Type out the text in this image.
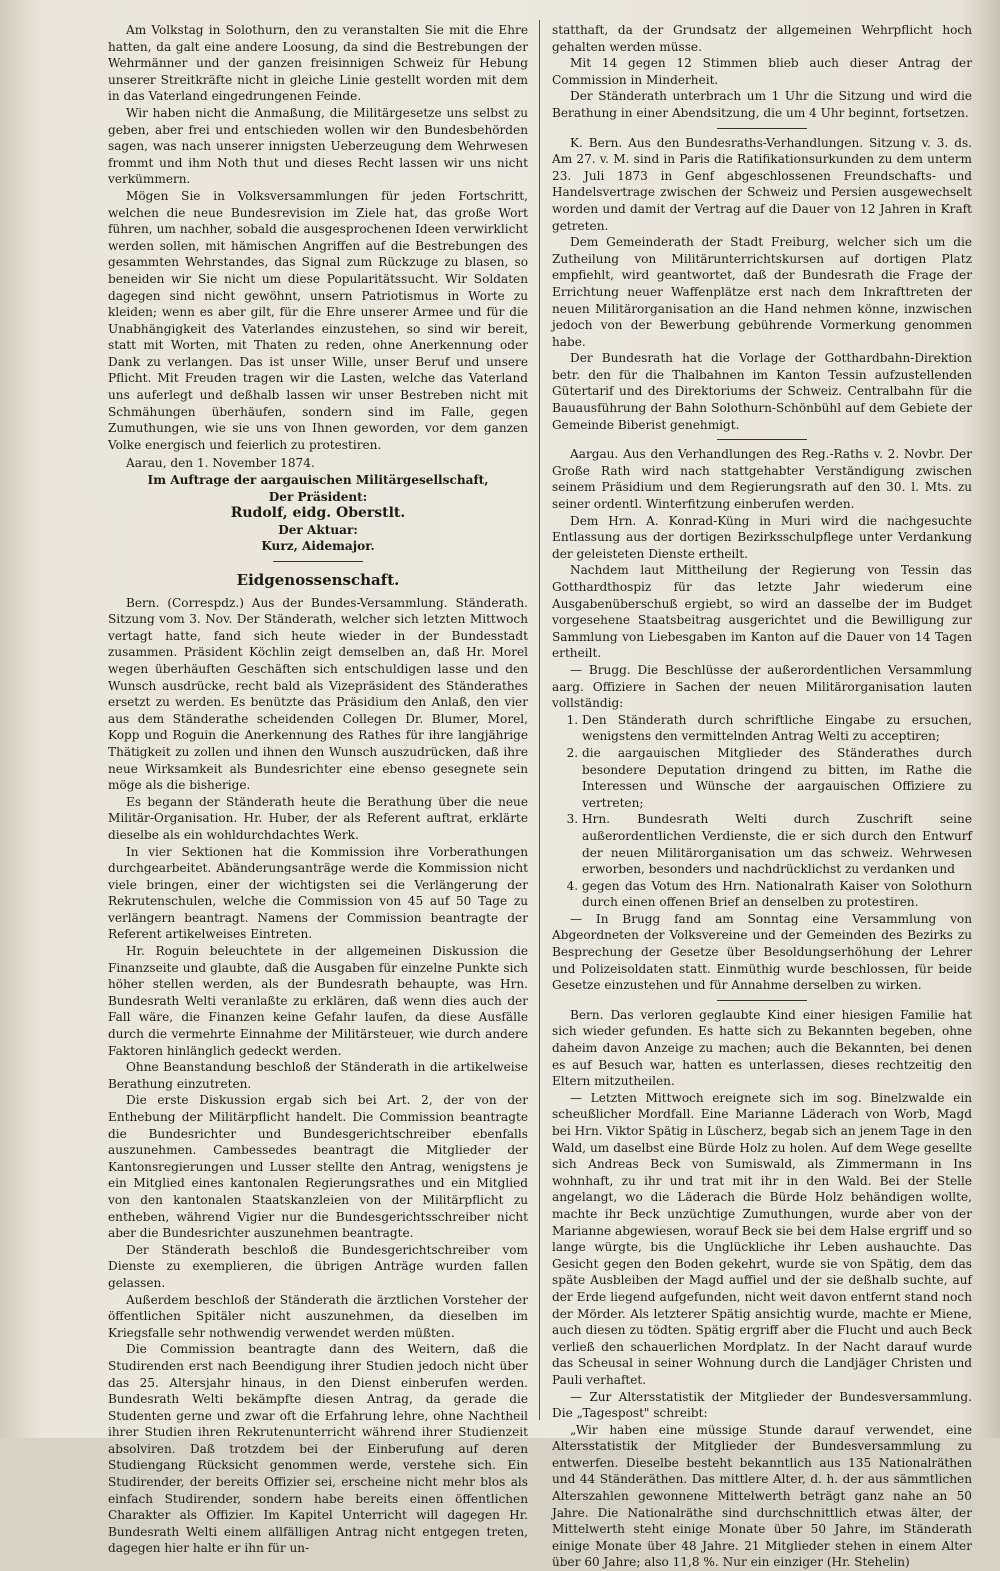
Am Volkstag in Solothurn, den zu veranstalten Sie mit die Ehre hatten, da galt eine andere Loosung, da sind die Bestrebungen der Wehrmänner und der ganzen freisinnigen Schweiz für Hebung unserer Streitkräfte nicht in gleiche Linie gestellt worden mit dem in das Vaterland eingedrungenen Feinde.

Wir haben nicht die Anmaßung, die Militärgesetze uns selbst zu geben, aber frei und entschieden wollen wir den Bundesbehörden sagen, was nach unserer innigsten Ueberzeugung dem Wehrwesen frommt und ihm Noth thut und dieses Recht lassen wir uns nicht verkümmern.

Mögen Sie in Volksversammlungen für jeden Fortschritt, welchen die neue Bundesrevision im Ziele hat, das große Wort führen, um nachher, sobald die ausgesprochenen Ideen verwirklicht werden sollen, mit hämischen Angriffen auf die Bestrebungen des gesammten Wehrstandes, das Signal zum Rückzuge zu blasen, so beneiden wir Sie nicht um diese Popularitätssucht. Wir Soldaten dagegen sind nicht gewöhnt, unsern Patriotismus in Worte zu kleiden; wenn es aber gilt, für die Ehre unserer Armee und für die Unabhängigkeit des Vaterlandes einzustehen, so sind wir bereit, statt mit Worten, mit Thaten zu reden, ohne Anerkennung oder Dank zu verlangen. Das ist unser Wille, unser Beruf und unsere Pflicht. Mit Freuden tragen wir die Lasten, welche das Vaterland uns auferlegt und deßhalb lassen wir unser Bestreben nicht mit Schmähungen überhäufen, sondern sind im Falle, gegen Zumuthungen, wie sie uns von Ihnen geworden, vor dem ganzen Volke energisch und feierlich zu protestiren.

Aarau, den 1. November 1874.

Im Auftrage der aargauischen Militärgesellschaft,

Der Präsident:

Rudolf, eidg. Oberstlt.

Der Aktuar:

Kurz, Aidemajor.

Eidgenossenschaft.

Bern. (Correspdz.) Aus der Bundes-Versammlung. Ständerath. Sitzung vom 3. Nov. Der Ständerath, welcher sich letzten Mittwoch vertagt hatte, fand sich heute wieder in der Bundesstadt zusammen. Präsident Köchlin zeigt demselben an, daß Hr. Morel wegen überhäuften Geschäften sich entschuldigen lasse und den Wunsch ausdrücke, recht bald als Vizepräsident des Ständerathes ersetzt zu werden. Es benützte das Präsidium den Anlaß, den vier aus dem Ständerathe scheidenden Collegen Dr. Blumer, Morel, Kopp und Roguin die Anerkennung des Rathes für ihre langjährige Thätigkeit zu zollen und ihnen den Wunsch auszudrücken, daß ihre neue Wirksamkeit als Bundesrichter eine ebenso gesegnete sein möge als die bisherige.

Es begann der Ständerath heute die Berathung über die neue Militär-Organisation. Hr. Huber, der als Referent auftrat, erklärte dieselbe als ein wohldurchdachtes Werk.

In vier Sektionen hat die Kommission ihre Vorberathungen durchgearbeitet. Abänderungsanträge werde die Kommission nicht viele bringen, einer der wichtigsten sei die Verlängerung der Rekrutenschulen, welche die Commission von 45 auf 50 Tage zu verlängern beantragt. Namens der Commission beantragte der Referent artikelweises Eintreten.

Hr. Roguin beleuchtete in der allgemeinen Diskussion die Finanzseite und glaubte, daß die Ausgaben für einzelne Punkte sich höher stellen werden, als der Bundesrath behaupte, was Hrn. Bundesrath Welti veranlaßte zu erklären, daß wenn dies auch der Fall wäre, die Finanzen keine Gefahr laufen, da diese Ausfälle durch die vermehrte Einnahme der Militärsteuer, wie durch andere Faktoren hinlänglich gedeckt werden.

Ohne Beanstandung beschloß der Ständerath in die artikelweise Berathung einzutreten.

Die erste Diskussion ergab sich bei Art. 2, der von der Enthebung der Militärpflicht handelt. Die Commission beantragte die Bundesrichter und Bundesgerichtschreiber ebenfalls auszunehmen. Cambessedes beantragt die Mitglieder der Kantonsregierungen und Lusser stellte den Antrag, wenigstens je ein Mitglied eines kantonalen Regierungsrathes und ein Mitglied von den kantonalen Staatskanzleien von der Militärpflicht zu entheben, während Vigier nur die Bundesgerichtsschreiber nicht aber die Bundesrichter auszunehmen beantragte.

Der Ständerath beschloß die Bundesgerichtschreiber vom Dienste zu exemplieren, die übrigen Anträge wurden fallen gelassen.

Außerdem beschloß der Ständerath die ärztlichen Vorsteher der öffentlichen Spitäler nicht auszunehmen, da dieselben im Kriegsfalle sehr nothwendig verwendet werden müßten.

Die Commission beantragte dann des Weitern, daß die Studirenden erst nach Beendigung ihrer Studien jedoch nicht über das 25. Altersjahr hinaus, in den Dienst einberufen werden. Bundesrath Welti bekämpfte diesen Antrag, da gerade die Studenten gerne und zwar oft die Erfahrung lehre, ohne Nachtheil ihrer Studien ihren Rekrutenunterricht während ihrer Studienzeit absolviren. Daß trotzdem bei der Einberufung auf deren Studiengang Rücksicht genommen werde, verstehe sich. Ein Studirender, der bereits Offizier sei, erscheine nicht mehr blos als einfach Studirender, sondern habe bereits einen öffentlichen Charakter als Offizier. Im Kapitel Unterricht will dagegen Hr. Bundesrath Welti einem allfälligen Antrag nicht entgegen treten, dagegen hier halte er ihn für un-

statthaft, da der Grundsatz der allgemeinen Wehrpflicht hoch gehalten werden müsse.

Mit 14 gegen 12 Stimmen blieb auch dieser Antrag der Commission in Minderheit.

Der Ständerath unterbrach um 1 Uhr die Sitzung und wird die Berathung in einer Abendsitzung, die um 4 Uhr beginnt, fortsetzen.

K. Bern. Aus den Bundesraths-Verhandlungen. Sitzung v. 3. ds. Am 27. v. M. sind in Paris die Ratifikationsurkunden zu dem unterm 23. Juli 1873 in Genf abgeschlossenen Freundschafts- und Handelsvertrage zwischen der Schweiz und Persien ausgewechselt worden und damit der Vertrag auf die Dauer von 12 Jahren in Kraft getreten.

Dem Gemeinderath der Stadt Freiburg, welcher sich um die Zutheilung von Militärunterrichtskursen auf dortigen Platz empfiehlt, wird geantwortet, daß der Bundesrath die Frage der Errichtung neuer Waffenplätze erst nach dem Inkrafttreten der neuen Militärorganisation an die Hand nehmen könne, inzwischen jedoch von der Bewerbung gebührende Vormerkung genommen habe.

Der Bundesrath hat die Vorlage der Gotthardbahn-Direktion betr. den für die Thalbahnen im Kanton Tessin aufzustellenden Gütertarif und des Direktoriums der Schweiz. Centralbahn für die Bauausführung der Bahn Solothurn-Schönbühl auf dem Gebiete der Gemeinde Biberist genehmigt.

Aargau. Aus den Verhandlungen des Reg.-Raths v. 2. Novbr. Der Große Rath wird nach stattgehabter Verständigung zwischen seinem Präsidium und dem Regierungsrath auf den 30. l. Mts. zu seiner ordentl. Winterfitzung einberufen werden.

Dem Hrn. A. Konrad-Küng in Muri wird die nachgesuchte Entlassung aus der dortigen Bezirksschulpflege unter Verdankung der geleisteten Dienste ertheilt.

Nachdem laut Mittheilung der Regierung von Tessin das Gotthardthospiz für das letzte Jahr wiederum eine Ausgabenüberschuß ergiebt, so wird an dasselbe der im Budget vorgesehene Staatsbeitrag ausgerichtet und die Bewilligung zur Sammlung von Liebesgaben im Kanton auf die Dauer von 14 Tagen ertheilt.

— Brugg. Die Beschlüsse der außerordentlichen Versammlung aarg. Offiziere in Sachen der neuen Militärorganisation lauten vollständig:

1. Den Ständerath durch schriftliche Eingabe zu ersuchen, wenigstens den vermittelnden Antrag Welti zu acceptiren;
2. die aargauischen Mitglieder des Ständerathes durch besondere Deputation dringend zu bitten, im Rathe die Interessen und Wünsche der aargauischen Offiziere zu vertreten;
3. Hrn. Bundesrath Welti durch Zuschrift seine außerordentlichen Verdienste, die er sich durch den Entwurf der neuen Militärorganisation um das schweiz. Wehrwesen erworben, besonders und nachdrücklichst zu verdanken und
4. gegen das Votum des Hrn. Nationalrath Kaiser von Solothurn durch einen offenen Brief an denselben zu protestiren.

— In Brugg fand am Sonntag eine Versammlung von Abgeordneten der Volksvereine und der Gemeinden des Bezirks zu Besprechung der Gesetze über Besoldungserhöhung der Lehrer und Polizeisoldaten statt. Einmüthig wurde beschlossen, für beide Gesetze einzustehen und für Annahme derselben zu wirken.

Bern. Das verloren geglaubte Kind einer hiesigen Familie hat sich wieder gefunden. Es hatte sich zu Bekannten begeben, ohne daheim davon Anzeige zu machen; auch die Bekannten, bei denen es auf Besuch war, hatten es unterlassen, dieses rechtzeitig den Eltern mitzutheilen.

— Letzten Mittwoch ereignete sich im sog. Binelzwalde ein scheußlicher Mordfall. Eine Marianne Läderach von Worb, Magd bei Hrn. Viktor Spätig in Lüscherz, begab sich an jenem Tage in den Wald, um daselbst eine Bürde Holz zu holen. Auf dem Wege gesellte sich Andreas Beck von Sumiswald, als Zimmermann in Ins wohnhaft, zu ihr und trat mit ihr in den Wald. Bei der Stelle angelangt, wo die Läderach die Bürde Holz behändigen wollte, machte ihr Beck unzüchtige Zumuthungen, wurde aber von der Marianne abgewiesen, worauf Beck sie bei dem Halse ergriff und so lange würgte, bis die Unglückliche ihr Leben aushauchte. Das Gesicht gegen den Boden gekehrt, wurde sie von Spätig, dem das späte Ausbleiben der Magd auffiel und der sie deßhalb suchte, auf der Erde liegend aufgefunden, nicht weit davon entfernt stand noch der Mörder. Als letzterer Spätig ansichtig wurde, machte er Miene, auch diesen zu tödten. Spätig ergriff aber die Flucht und auch Beck verließ den schauerlichen Mordplatz. In der Nacht darauf wurde das Scheusal in seiner Wohnung durch die Landjäger Christen und Pauli verhaftet.

— Zur Altersstatistik der Mitglieder der Bundesversammlung. Die „Tagespost" schreibt:

„Wir haben eine müssige Stunde darauf verwendet, eine Altersstatistik der Mitglieder der Bundesversammlung zu entwerfen. Dieselbe besteht bekanntlich aus 135 Nationalräthen und 44 Ständeräthen. Das mittlere Alter, d. h. der aus sämmtlichen Alterszahlen gewonnene Mittelwerth beträgt ganz nahe an 50 Jahre. Die Nationalräthe sind durchschnittlich etwas älter, der Mittelwerth steht einige Monate über 50 Jahre, im Ständerath einige Monate über 48 Jahre. 21 Mitglieder stehen in einem Alter über 60 Jahre; also 11,8 %. Nur ein einziger (Hr. Stehelin)
